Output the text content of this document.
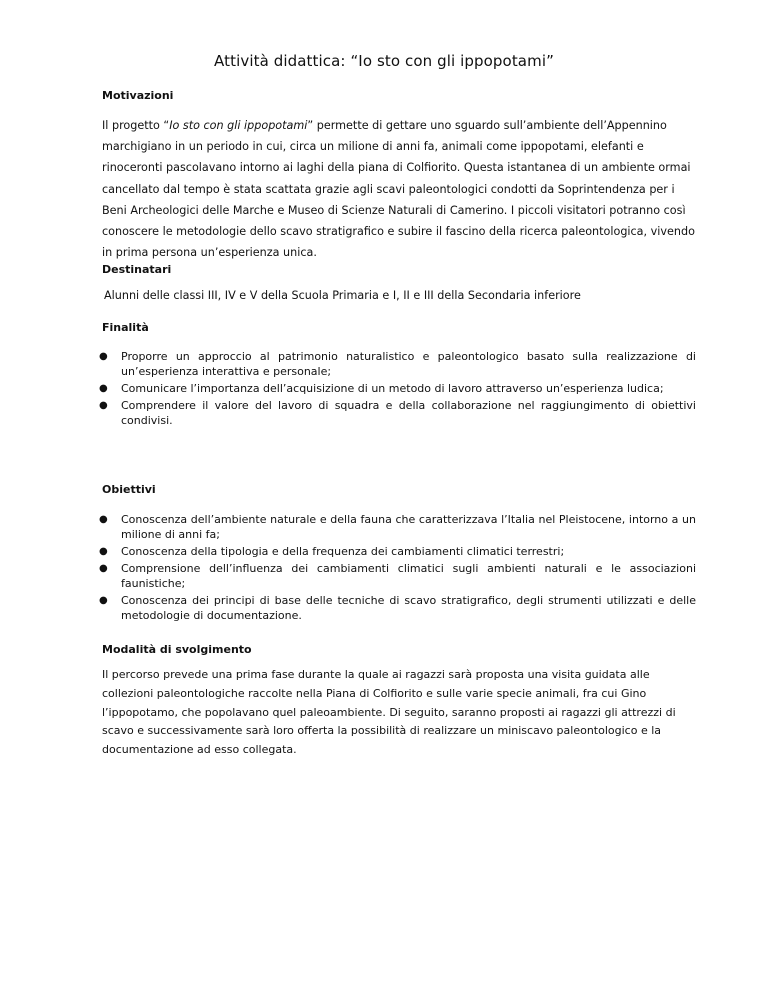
Attività didattica: “Io sto con gli ippopotami”
Motivazioni

Il progetto “Io sto con gli ippopotami” permette di gettare uno sguardo sull’ambiente dell’Appennino marchigiano in un periodo in cui, circa un milione di anni fa, animali come ippopotami, elefanti e rinoceronti pascolavano intorno ai laghi della piana di Colfiorito. Questa istantanea di un ambiente ormai cancellato dal tempo è stata scattata grazie agli scavi paleontologici condotti da Soprintendenza per i Beni Archeologici delle Marche e Museo di Scienze Naturali di Camerino. I piccoli visitatori potranno così conoscere le metodologie dello scavo stratigrafico e subire il fascino della ricerca paleontologica, vivendo in prima persona un’esperienza unica.

Destinatari

Alunni delle classi III, IV e V della Scuola Primaria e I, II e III della Secondaria inferiore

Finalità
● Proporre un approccio al patrimonio naturalistico e paleontologico basato sulla realizzazione di un’esperienza interattiva e personale;
● Comunicare l’importanza dell’acquisizione di un metodo di lavoro attraverso un’esperienza ludica;
● Comprendere il valore del lavoro di squadra e della collaborazione nel raggiungimento di obiettivi condivisi.
Obiettivi
● Conoscenza dell’ambiente naturale e della fauna che caratterizzava l’Italia nel Pleistocene, intorno a un milione di anni fa;
● Conoscenza della tipologia e della frequenza dei cambiamenti climatici terrestri;
● Comprensione dell’influenza dei cambiamenti climatici sugli ambienti naturali e le associazioni faunistiche;
● Conoscenza dei principi di base delle tecniche di scavo stratigrafico, degli strumenti utilizzati e delle metodologie di documentazione.
Modalità di svolgimento

Il percorso prevede una prima fase durante la quale ai ragazzi sarà proposta una visita guidata alle collezioni paleontologiche raccolte nella Piana di Colfiorito e sulle varie specie animali, fra cui Gino l’ippopotamo, che popolavano quel paleoambiente. Di seguito, saranno proposti ai ragazzi gli attrezzi di scavo e successivamente sarà loro offerta la possibilità di realizzare un miniscavo paleontologico e la documentazione ad esso collegata.
